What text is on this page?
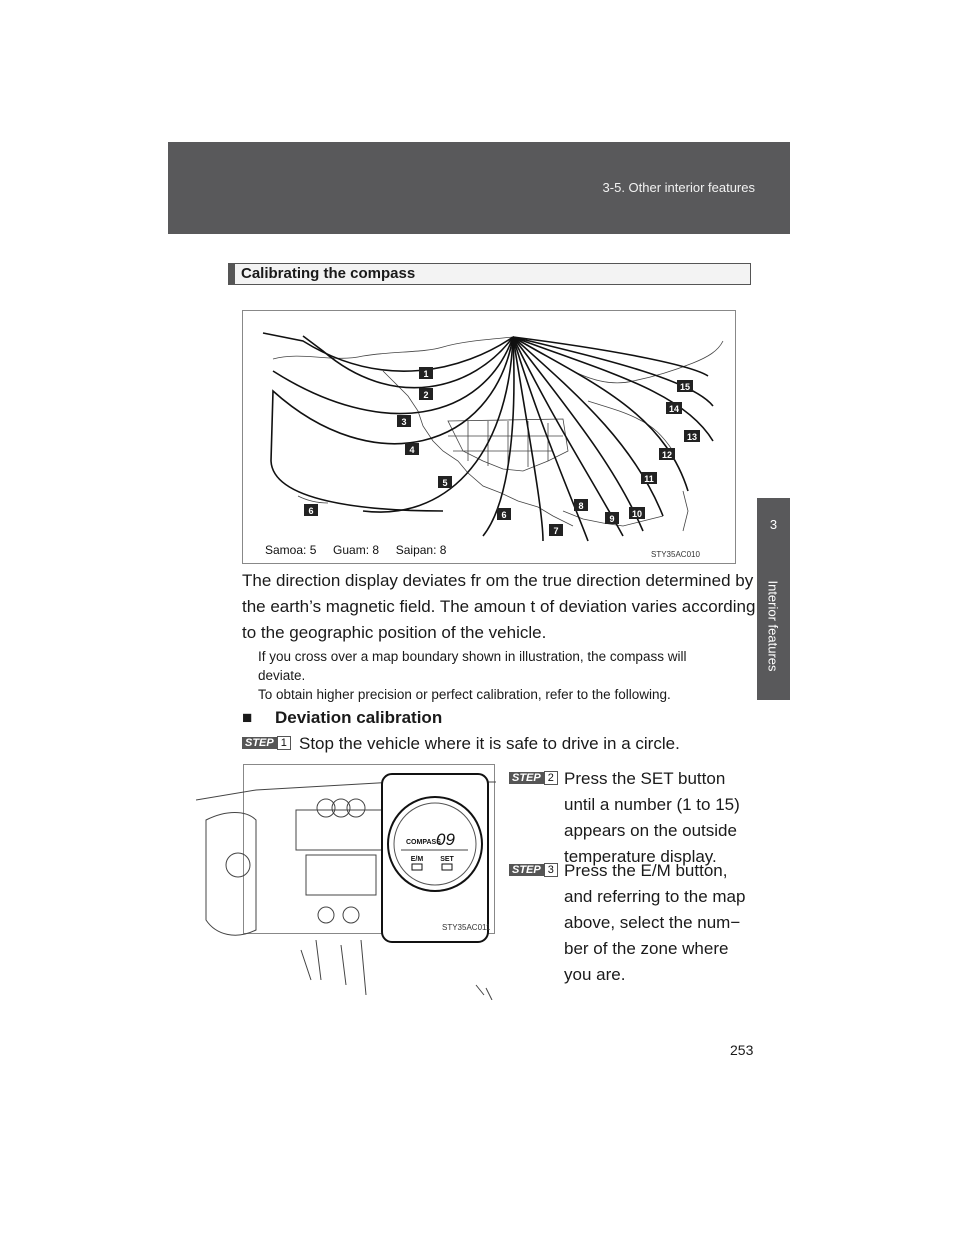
3-5. Other interior features
3
Interior features
Calibrating the compass
1
2
3
4
5
6	6
7
8
9 10
11
12
13
14
15
Samoa: 5     Guam: 8     Saipan: 8	STY35AC010
The direction display deviates fr om the true direction determined by
the earth’s magnetic field. The amoun t of deviation varies according
to the geographic position of the vehicle.
If you cross over a map boundary shown in illustration, the compass will
deviate.
To obtain higher precision or perfect calibration, refer to the following.
■ Deviation calibration
STEP 1 Stop the vehicle where it is safe to drive in a circle.
COMPASS
09
E/M SET
STY35AC011
STEP 2 Press the SET button
until a number (1 to 15)
appears on the outside
temperature display.
STEP 3 Press the E/M button,
and referring to the map
above, select the num−
ber of the zone where
you are.
253
